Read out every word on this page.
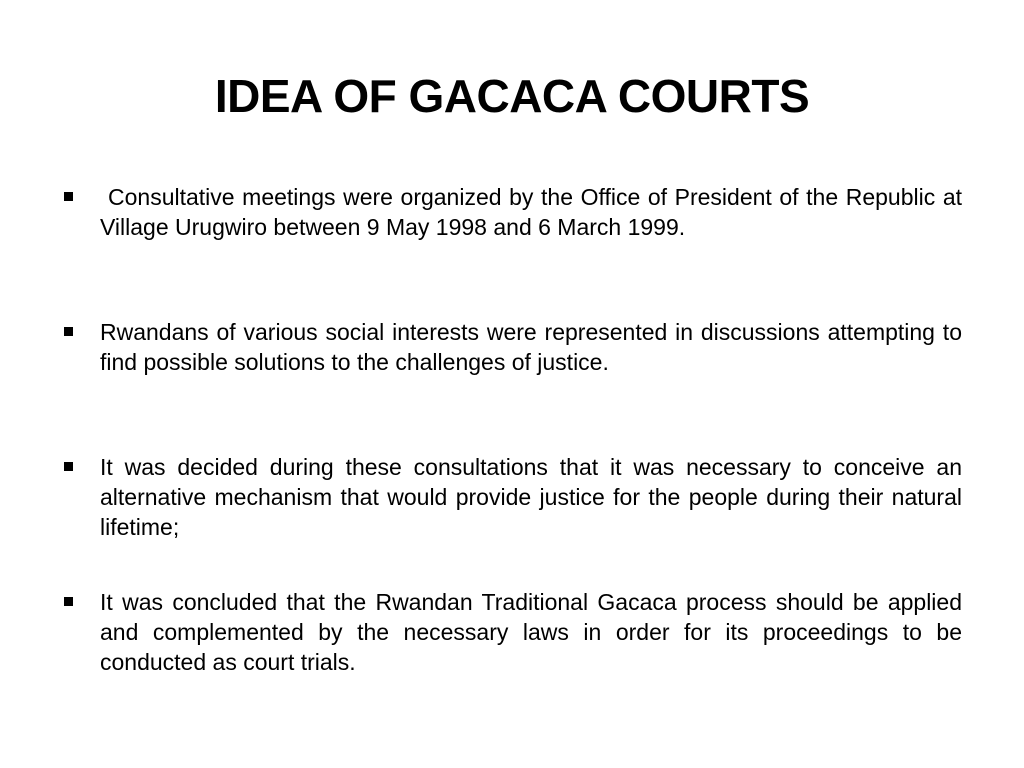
IDEA OF GACACA COURTS
Consultative meetings were organized by the Office of President of the Republic at Village Urugwiro between 9 May 1998 and 6 March 1999.
Rwandans of various social interests were represented in discussions attempting to find possible solutions to the challenges of justice.
It was decided during these consultations that it was necessary to conceive an alternative mechanism that would provide justice for the people during their natural lifetime;
It was concluded that the Rwandan Traditional Gacaca process should be applied and complemented by the necessary laws in order for its proceedings to be conducted as court trials.
